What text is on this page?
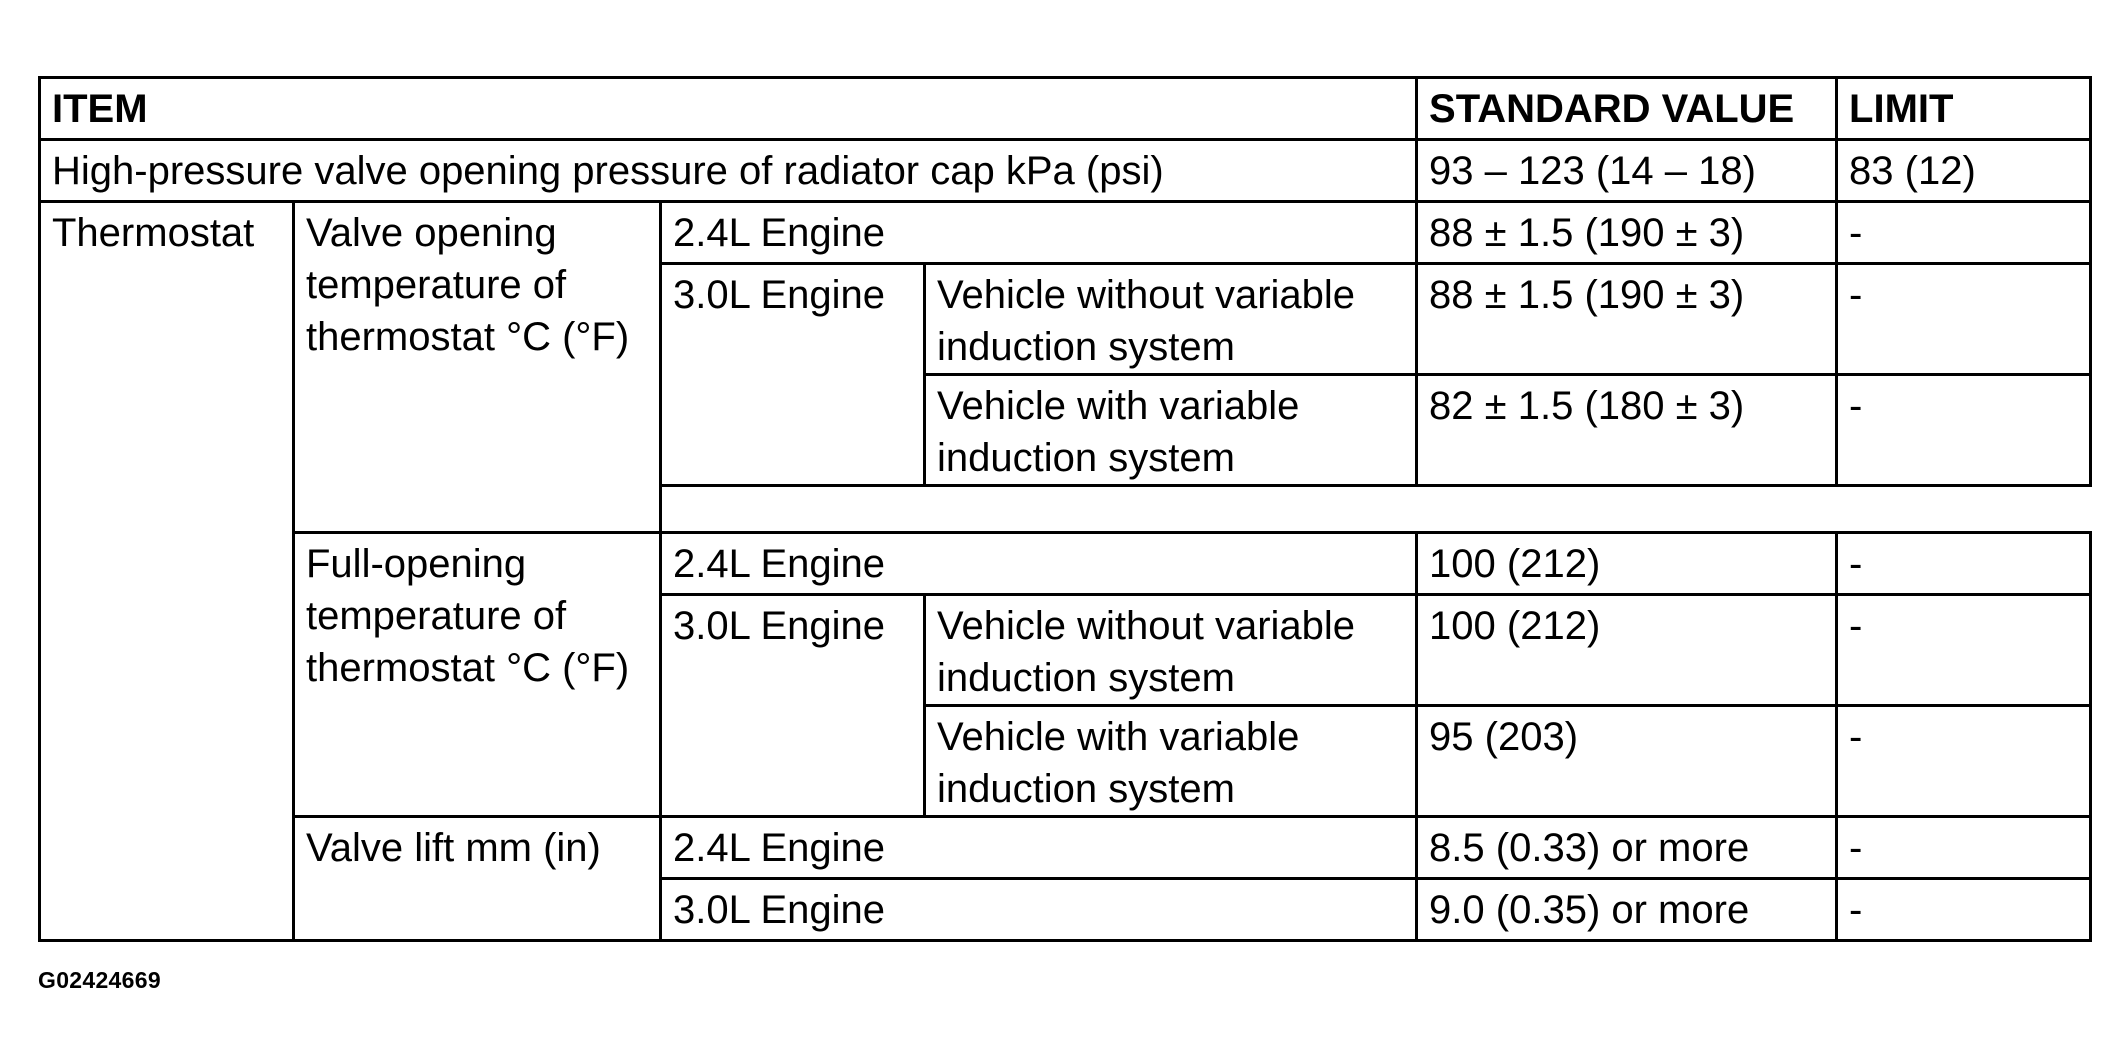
ITEM				STANDARD VALUE	LIMIT
High-pressure valve opening pressure of radiator cap kPa (psi)				93 – 123 (14 – 18)	83 (12)
Thermostat	Valve opening temperature of thermostat °C (°F)	2.4L Engine		88 ± 1.5 (190 ± 3)	-
		3.0L Engine	Vehicle without variable induction system	88 ± 1.5 (190 ± 3)	-
			Vehicle with variable induction system	82 ± 1.5 (180 ± 3)	-

	Full-opening temperature of thermostat °C (°F)	2.4L Engine		100 (212)	-
		3.0L Engine	Vehicle without variable induction system	100 (212)	-
			Vehicle with variable induction system	95 (203)	-
	Valve lift mm (in)	2.4L Engine		8.5 (0.33) or more	-
		3.0L Engine		9.0 (0.35) or more	-
G02424669
